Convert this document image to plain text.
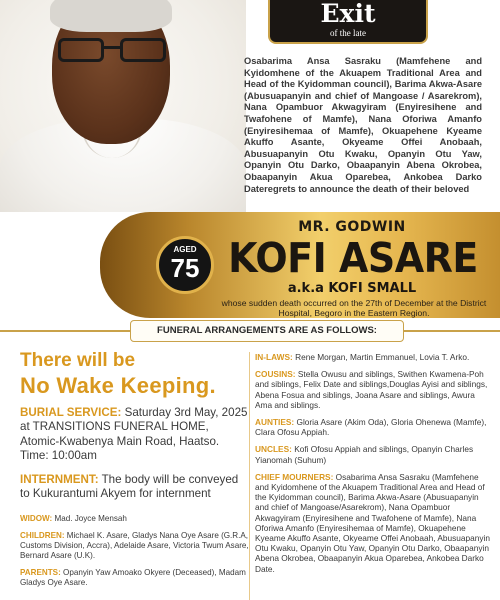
Exit
of the late

Osabarima Ansa Sasraku (Mamfehene and Kyidomhene of the Akuapem Traditional Area and Head of the Kyidomman council), Barima Akwa-Asare (Abusuapanyin and chief of Mangoase / Asarekrom), Nana Opambuor Akwagyiram (Enyiresihene and Twafohene of Mamfe), Nana Oforiwa Amanfo (Enyiresihemaa of Mamfe), Okuapehene Kyeame Akuffo Asante, Okyeame Offei Anobaah, Abusuapanyin Otu Kwaku, Opanyin Otu Yaw, Opanyin Otu Darko, Obaapanyin Abena Okrobea, Obaapanyin Akua Oparebea, Ankobea Darko Dateregrets to announce the death of their beloved

AGED
75
MR. GODWIN
KOFI ASARE
a.k.a KOFI SMALL
whose sudden death occurred on the 27th of December at the District Hospital, Begoro in the Eastern Region.
FUNERAL ARRANGEMENTS ARE AS FOLLOWS:
There will be
No Wake Keeping.
BURIAL SERVICE: Saturday 3rd May, 2025 at TRANSITIONS FUNERAL HOME, Atomic-Kwabenya Main Road, Haatso.
Time: 10:00am
INTERNMENT: The body will be conveyed to Kukurantumi Akyem for internment
WIDOW: Mad. Joyce Mensah
CHILDREN: Michael K. Asare, Gladys Nana Oye Asare (G.R.A, Customs Division, Accra), Adelaide Asare, Victoria Twum Asare, Bernard Asare (U.K).
PARENTS: Opanyin Yaw Amoako Okyere (Deceased), Madam Gladys Oye Asare.
IN-LAWS: Rene Morgan, Martin Emmanuel, Lovia T. Arko.
COUSINS: Stella Owusu and siblings, Swithen Kwamena-Poh and siblings, Felix Date and siblings,Douglas Ayisi and siblings, Abena Fosua and siblings, Joana Asare and siblings, Awura Ama and siblings.
AUNTIES: Gloria Asare (Akim Oda), Gloria Ohenewa (Mamfe), Clara Ofosu Appiah.
UNCLES: Kofi Ofosu Appiah and siblings, Opanyin Charles Yianomah (Suhum)
CHIEF MOURNERS: Osabarima Ansa Sasraku (Mamfehene and Kyidomhene of the Akuapem Traditional Area and Head of the Kyidomman council), Barima Akwa-Asare (Abusuapanyin and chief of Mangoase/Asarekrom), Nana Opambuor Akwagyiram (Enyiresihene and Twafohene of Mamfe), Nana Oforiwa Amanfo (Enyiresihemaa of Mamfe), Okuapehene Kyeame Akuffo Asante, Okyeame Offei Anobaah, Abusuapanyin Otu Kwaku, Opanyin Otu Yaw, Opanyin Otu Darko, Obaapanyin Abena Okrobea, Obaapanyin Akua Oparebea, Ankobea Darko Date.
